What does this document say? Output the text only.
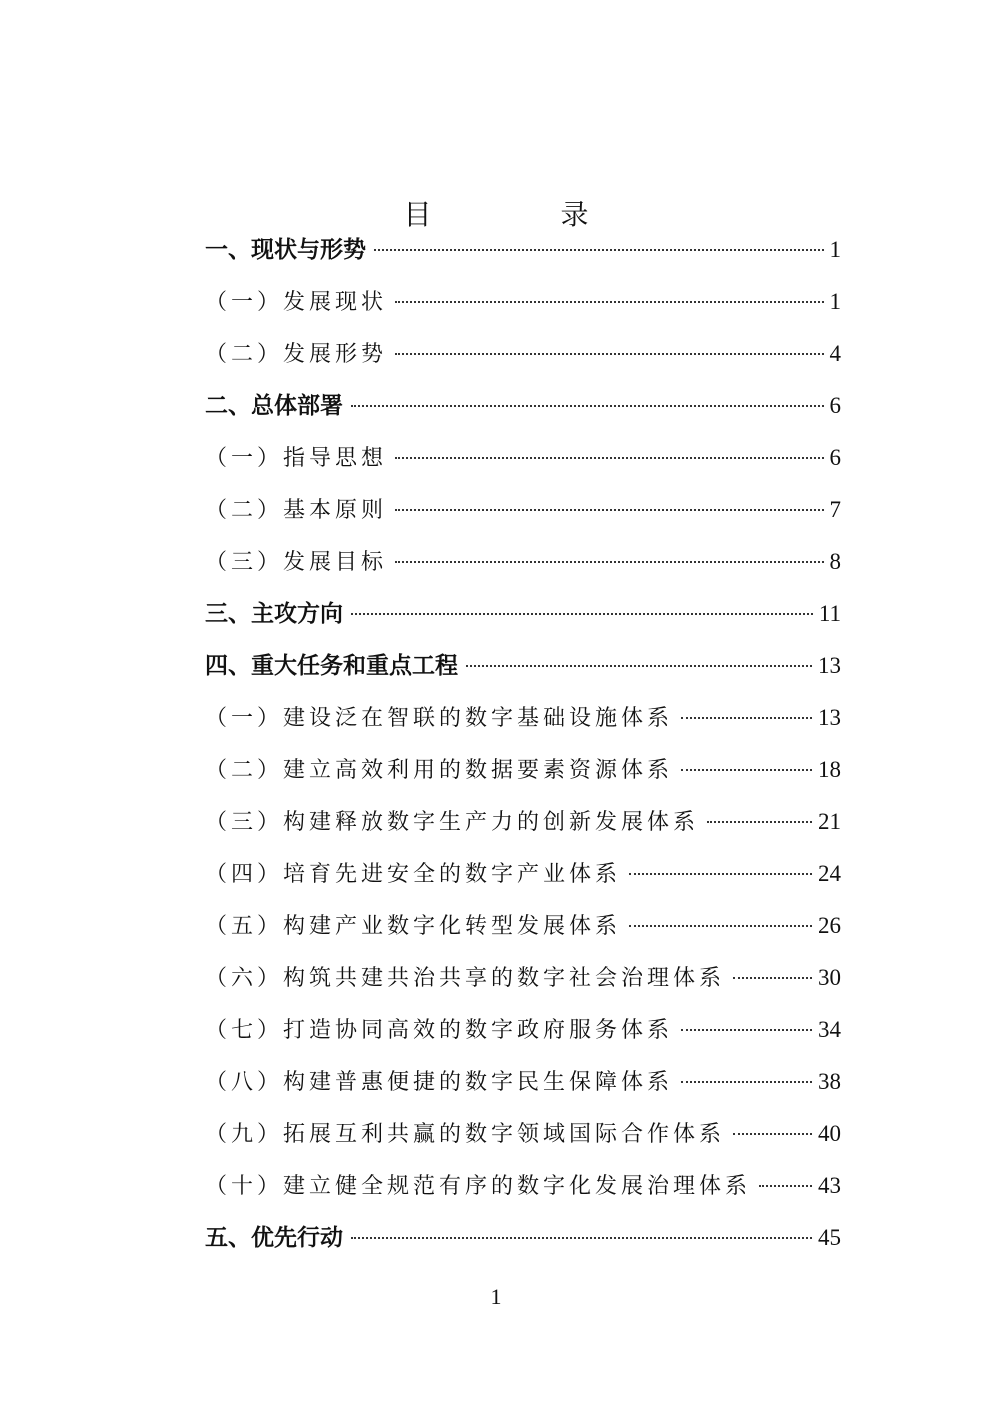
目 录
一、现状与形势	1
（一）发展现状	1
（二）发展形势	4
二、总体部署	6
（一）指导思想	6
（二）基本原则	7
（三）发展目标	8
三、主攻方向	11
四、重大任务和重点工程	13
（一）建设泛在智联的数字基础设施体系	13
（二）建立高效利用的数据要素资源体系	18
（三）构建释放数字生产力的创新发展体系	21
（四）培育先进安全的数字产业体系	24
（五）构建产业数字化转型发展体系	26
（六）构筑共建共治共享的数字社会治理体系	30
（七）打造协同高效的数字政府服务体系	34
（八）构建普惠便捷的数字民生保障体系	38
（九）拓展互利共赢的数字领域国际合作体系	40
（十）建立健全规范有序的数字化发展治理体系	43
五、优先行动	45
1
